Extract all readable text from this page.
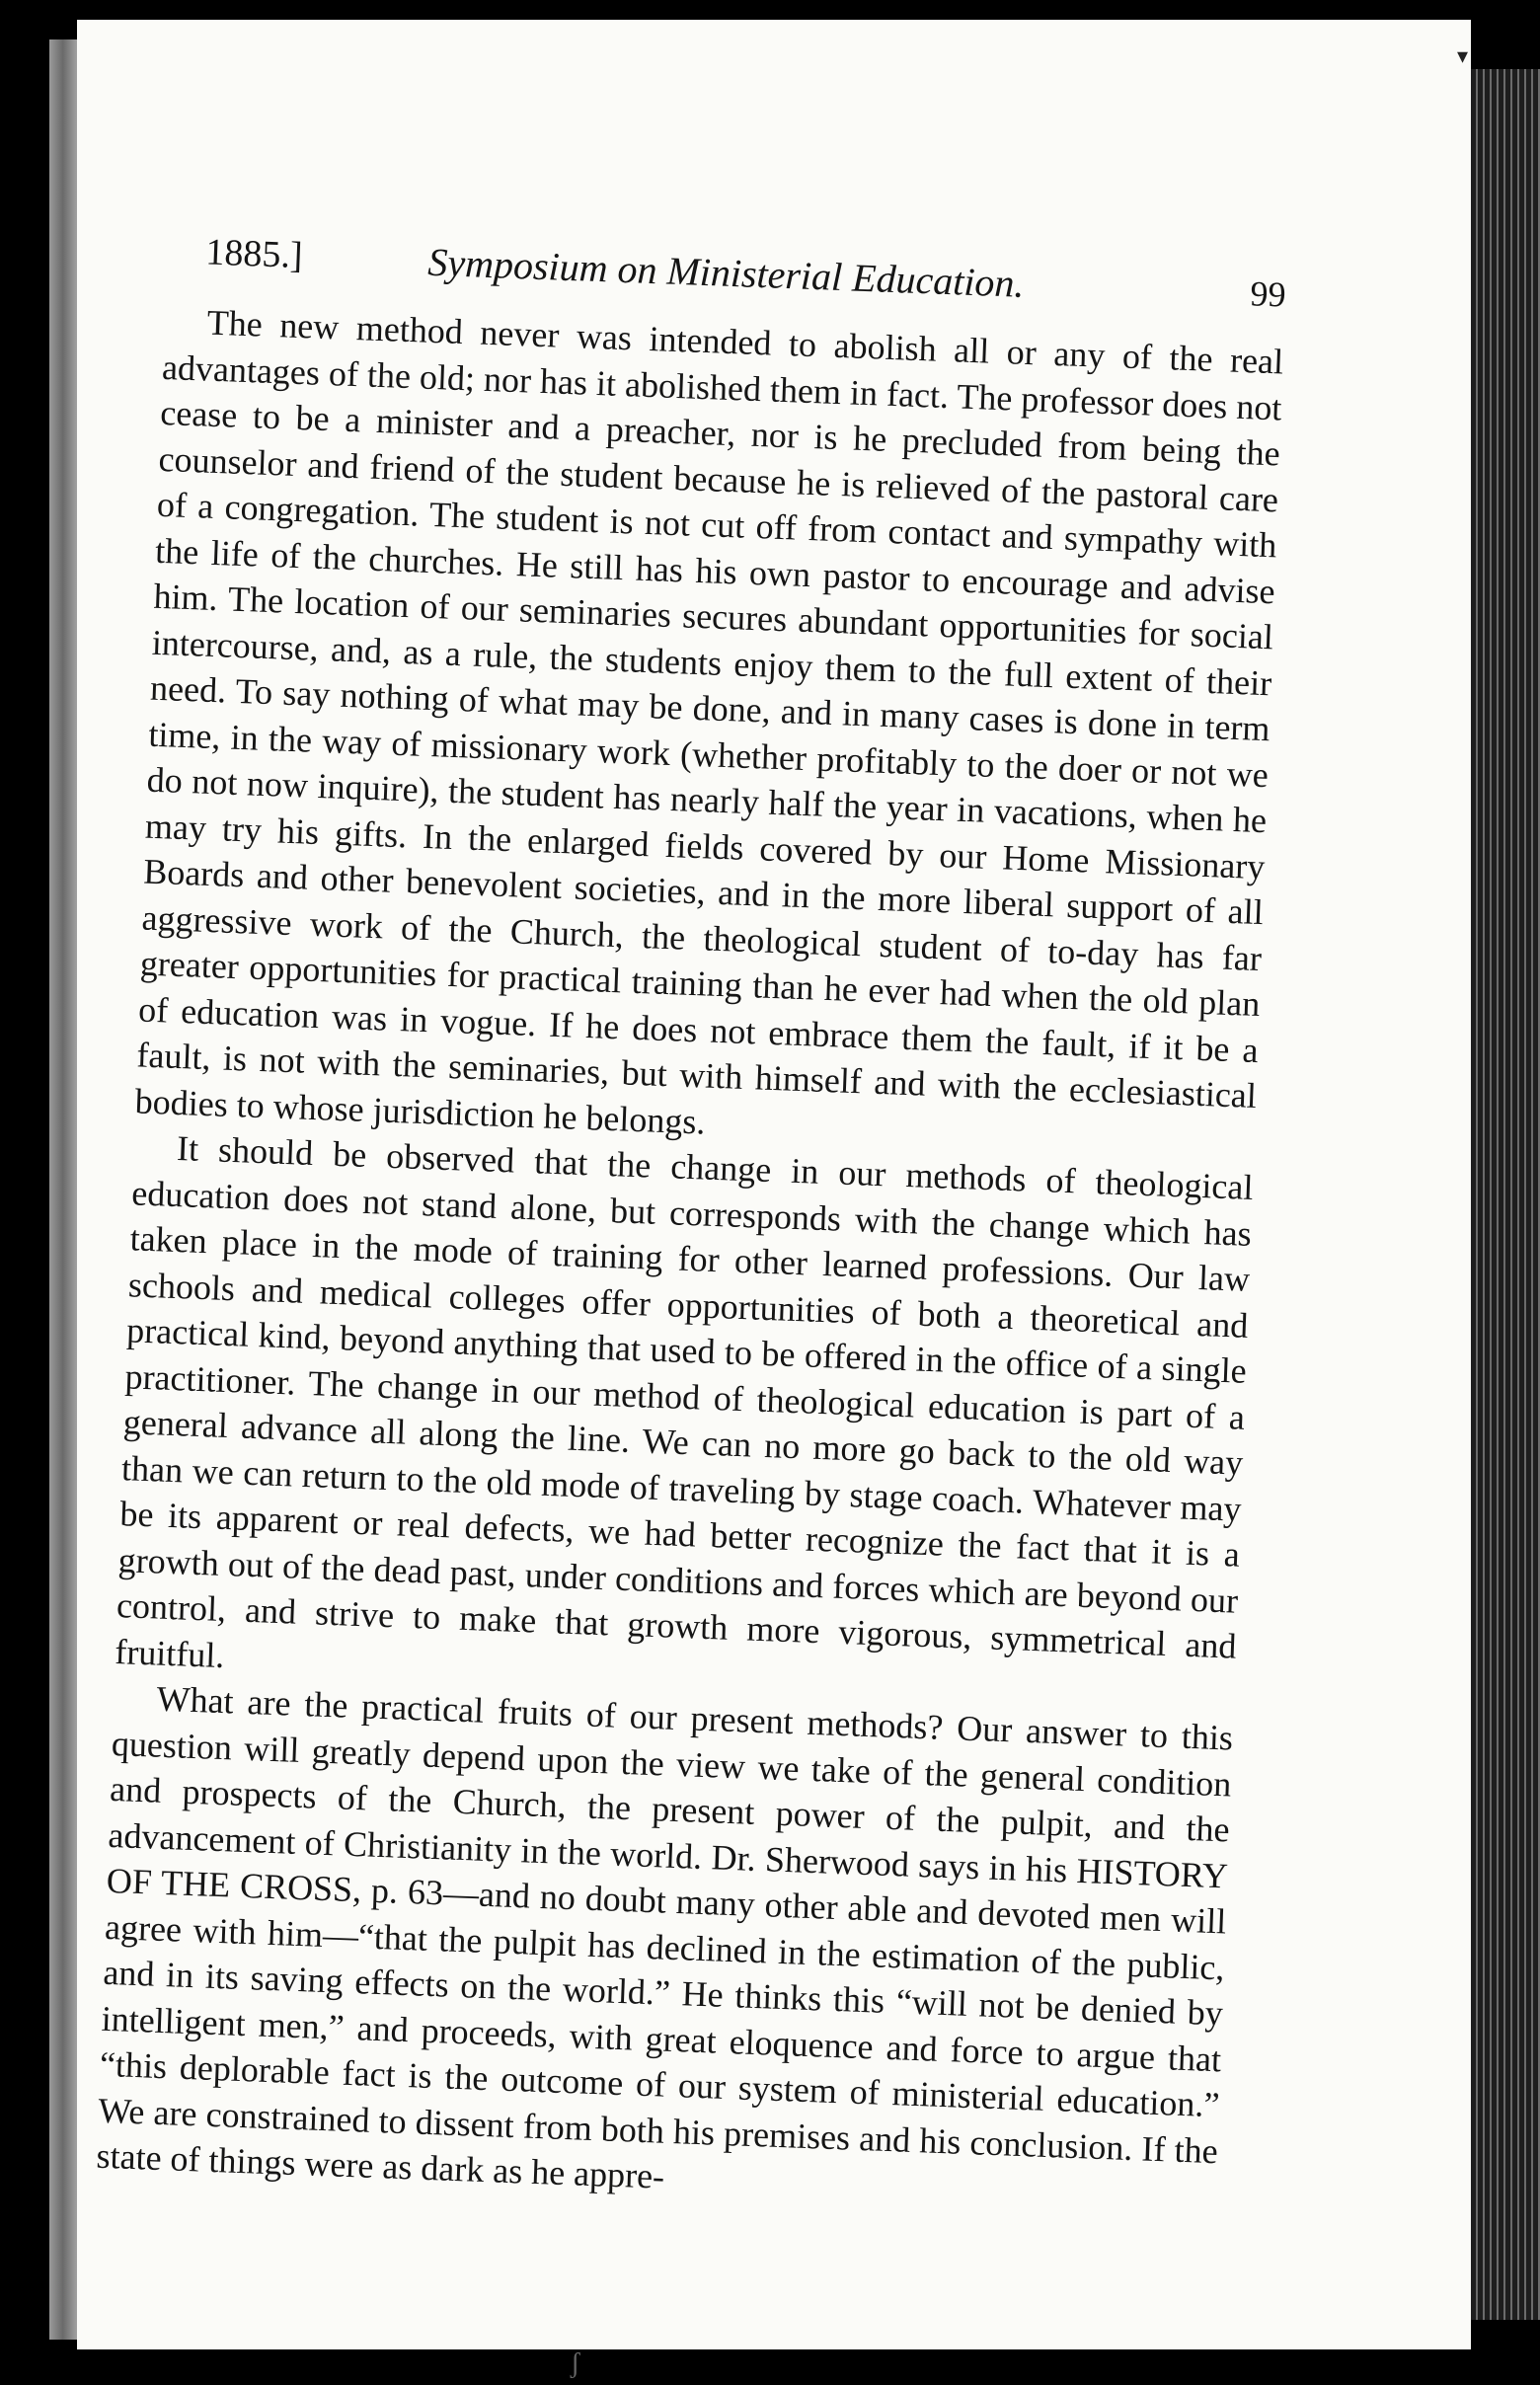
▾
ʃ
1885.]	Symposium on Ministerial Education.	99

The new method never was intended to abolish all or any of the real advantages of the old; nor has it abolished them in fact. The professor does not cease to be a minister and a preacher, nor is he precluded from being the counselor and friend of the student because he is relieved of the pastoral care of a congregation. The student is not cut off from contact and sympathy with the life of the churches. He still has his own pastor to encourage and advise him. The location of our seminaries secures abundant opportunities for social intercourse, and, as a rule, the students enjoy them to the full extent of their need. To say nothing of what may be done, and in many cases is done in term time, in the way of missionary work (whether profitably to the doer or not we do not now inquire), the student has nearly half the year in vacations, when he may try his gifts. In the enlarged fields covered by our Home Missionary Boards and other benevolent societies, and in the more liberal support of all aggressive work of the Church, the theological student of to-day has far greater opportunities for practical training than he ever had when the old plan of education was in vogue. If he does not embrace them the fault, if it be a fault, is not with the seminaries, but with himself and with the ecclesiastical bodies to whose jurisdiction he belongs.

It should be observed that the change in our methods of theological education does not stand alone, but corresponds with the change which has taken place in the mode of training for other learned professions. Our law schools and medical colleges offer opportunities of both a theoretical and practical kind, beyond anything that used to be offered in the office of a single practitioner. The change in our method of theological education is part of a general advance all along the line. We can no more go back to the old way than we can return to the old mode of traveling by stage coach. Whatever may be its apparent or real defects, we had better recognize the fact that it is a growth out of the dead past, under conditions and forces which are beyond our control, and strive to make that growth more vigorous, symmetrical and fruitful.

What are the practical fruits of our present methods? Our answer to this question will greatly depend upon the view we take of the general condition and prospects of the Church, the present power of the pulpit, and the advancement of Christianity in the world. Dr. Sherwood says in his HISTORY OF THE CROSS, p. 63—and no doubt many other able and devoted men will agree with him—“that the pulpit has declined in the estimation of the public, and in its saving effects on the world.” He thinks this “will not be denied by intelligent men,” and proceeds, with great eloquence and force to argue that “this deplorable fact is the outcome of our system of ministerial education.” We are constrained to dissent from both his premises and his conclusion. If the state of things were as dark as he appre-
